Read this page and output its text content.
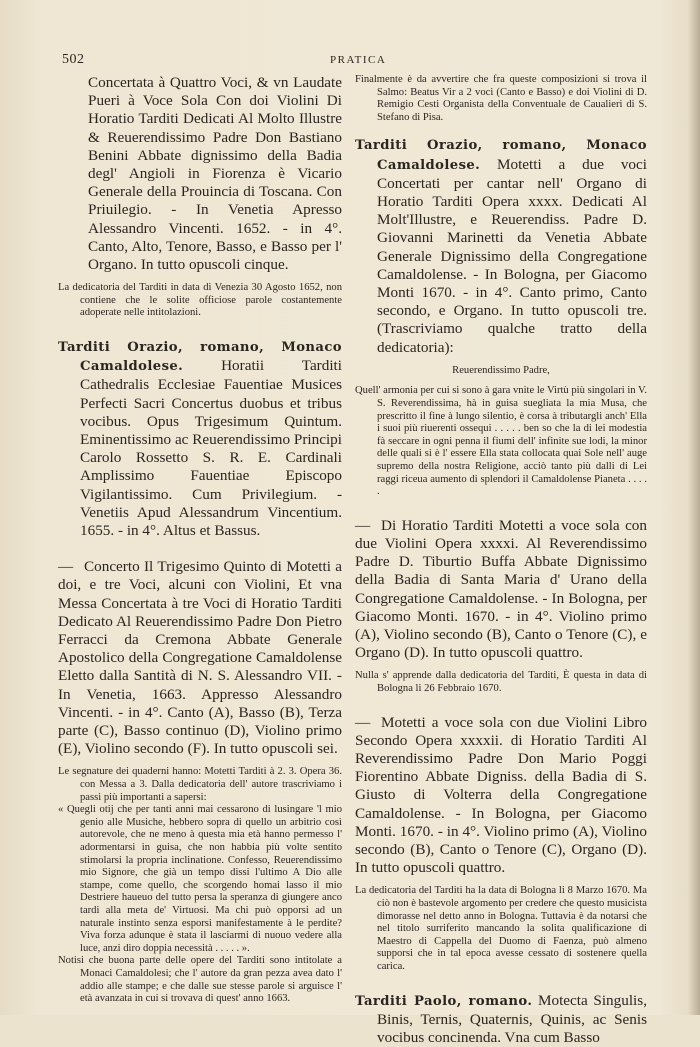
502	PRATICA

Concertata à Quattro Voci, & vn Laudate Pueri à Voce Sola Con doi Violini Di Horatio Tarditi Dedicati Al Molto Illustre & Reuerendissimo Padre Don Bastiano Benini Abbate dignissimo della Badia degl' Angioli in Fiorenza è Vicario Generale della Prouincia di Toscana. Con Priuilegio. - In Venetia Apresso Alessandro Vincenti. 1652. - in 4°. Canto, Alto, Tenore, Basso, e Basso per l' Organo. In tutto opuscoli cinque.

La dedicatoria del Tarditi in data di Venezia 30 Agosto 1652, non contiene che le solite officiose parole costantemente adoperate nelle intitolazioni.

Tarditi Orazio, romano, Monaco Camaldolese. Horatii Tarditi Cathedralis Ecclesiae Fauentiae Musices Perfecti Sacri Concertus duobus et tribus vocibus. Opus Trigesimum Quintum. Eminentissimo ac Reuerendissimo Principi Carolo Rossetto S. R. E. Cardinali Amplissimo Fauentiae Episcopo Vigilantissimo. Cum Privilegium. - Venetiis Apud Alessandrum Vincentium. 1655. - in 4°. Altus et Bassus.

— Concerto Il Trigesimo Quinto di Motetti a doi, e tre Voci, alcuni con Violini, Et vna Messa Concertata à tre Voci di Horatio Tarditi Dedicato Al Reuerendissimo Padre Don Pietro Ferracci da Cremona Abbate Generale Apostolico della Congregatione Camaldolense Eletto dalla Santità di N. S. Alessandro VII. - In Venetia, 1663. Appresso Alessandro Vincenti. - in 4°. Canto (A), Basso (B), Terza parte (C), Basso continuo (D), Violino primo (E), Violino secondo (F). In tutto opuscoli sei.

Le segnature dei quaderni hanno: Motetti Tarditi à 2. 3. Opera 36. con Messa a 3. Dalla dedicatoria dell' autore trascriviamo i passi più importanti a sapersi:

« Quegli otij che per tanti anni mai cessarono di lusingare 'l mio genio alle Musiche, hebbero sopra di quello un arbitrio così autorevole, che ne meno à questa mia età hanno permesso l' adormentarsi in guisa, che non habbia più volte sentito stimolarsi la propria inclinatione. Confesso, Reuerendissimo mio Signore, che già un tempo dissi l'ultimo A Dio alle stampe, come quello, che scorgendo homai lasso il mio Destriere haueuo del tutto persa la speranza di giungere anco tardi alla meta de' Virtuosi. Ma chi può opporsi ad un naturale instinto senza esporsi manifestamente à le perdite? Viva forza adunque è stata il lasciarmi di nuouo vedere alla luce, anzi diro doppia necessità . . . . . ».

Notisi che buona parte delle opere del Tarditi sono intitolate a Monaci Camaldolesi; che l' autore da gran pezza avea dato l' addio alle stampe; e che dalle sue stesse parole si arguisce l' età avanzata in cui si trovava di quest' anno 1663.

Finalmente è da avvertire che fra queste composizioni si trova il Salmo: Beatus Vir a 2 voci (Canto e Basso) e doi Violini di D. Remigio Cesti Organista della Conventuale de Caualieri di S. Stefano di Pisa.

Tarditi Orazio, romano, Monaco Camaldolese. Motetti a due voci Concertati per cantar nell' Organo di Horatio Tarditi Opera xxxx. Dedicati Al Molt'Illustre, e Reuerendiss. Padre D. Giovanni Marinetti da Venetia Abbate Generale Dignissimo della Congregatione Camaldolense. - In Bologna, per Giacomo Monti 1670. - in 4°. Canto primo, Canto secondo, e Organo. In tutto opuscoli tre. (Trascriviamo qualche tratto della dedicatoria):

Reuerendissimo Padre,

Quell' armonia per cui si sono à gara vnite le Virtù più singolari in V. S. Reverendissima, hà in guisa suegliata la mia Musa, che prescritto il fine à lungo silentio, è corsa à tributargli anch' Ella i suoi più riuerenti ossequi . . . . . ben so che la di lei modestia fà seccare in ogni penna il fiumi dell' infinite sue lodi, la minor delle quali si è l' essere Ella stata collocata quai Sole nell' auge supremo della nostra Religione, acciò tanto più dalli di Lei raggi riceua aumento di splendori il Camaldolense Pianeta . . . . .

— Di Horatio Tarditi Motetti a voce sola con due Violini Opera xxxxi. Al Reverendissimo Padre D. Tiburtio Buffa Abbate Dignissimo della Badia di Santa Maria d' Urano della Congregatione Camaldolense. - In Bologna, per Giacomo Monti. 1670. - in 4°. Violino primo (A), Violino secondo (B), Canto o Tenore (C), e Organo (D). In tutto opuscoli quattro.

Nulla s' apprende dalla dedicatoria del Tarditi, È questa in data di Bologna li 26 Febbraio 1670.

— Motetti a voce sola con due Violini Libro Secondo Opera xxxxii. di Horatio Tarditi Al Reverendissimo Padre Don Mario Poggi Fiorentino Abbate Digniss. della Badia di S. Giusto di Volterra della Congregatione Camaldolense. - In Bologna, per Giacomo Monti. 1670. - in 4°. Violino primo (A), Violino secondo (B), Canto o Tenore (C), Organo (D). In tutto opuscoli quattro.

La dedicatoria del Tarditi ha la data di Bologna li 8 Marzo 1670. Ma ciò non è bastevole argomento per credere che questo musicista dimorasse nel detto anno in Bologna. Tuttavia è da notarsi che nel titolo surriferito mancando la solita qualificazione di Maestro di Cappella del Duomo di Faenza, può almeno supporsi che in tal epoca avesse cessato di sostenere quella carica.

Tarditi Paolo, romano. Motecta Singulis, Binis, Ternis, Quaternis, Quinis, ac Senis vocibus concinenda. Vna cum Basso
